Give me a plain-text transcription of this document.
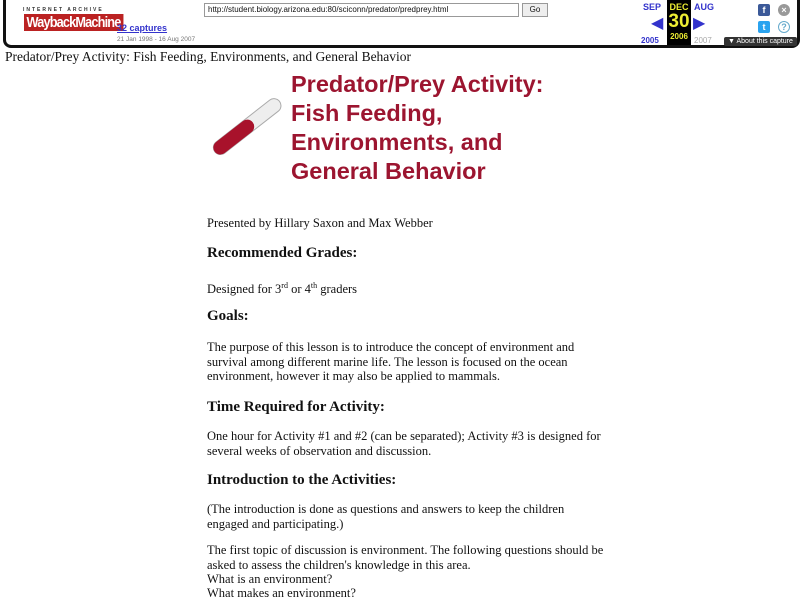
INTERNET ARCHIVE
WaybackMachine
32 captures
21 Jan 1998 - 16 Aug 2007
http://student.biology.arizona.edu:80/sciconn/predator/predprey.html	Go	SEP	AUG
◀ ▶
DEC
30
2006
2005	2007
f	×
t	?
▼ About this capture
Predator/Prey Activity: Fish Feeding, Environments, and General Behavior
Predator/Prey Activity:
Fish Feeding,
Environments, and
General Behavior
Presented by Hillary Saxon and Max Webber
Recommended Grades:
Designed for 3rd or 4th graders
Goals:
The purpose of this lesson is to introduce the concept of environment and survival among different marine life. The lesson is focused on the ocean environment, however it may also be applied to mammals.
Time Required for Activity:
One hour for Activity #1 and #2 (can be separated); Activity #3 is designed for several weeks of observation and discussion.
Introduction to the Activities:
(The introduction is done as questions and answers to keep the children engaged and participating.)
The first topic of discussion is environment. The following questions should be asked to assess the children's knowledge in this area.
What is an environment?
What makes an environment?
